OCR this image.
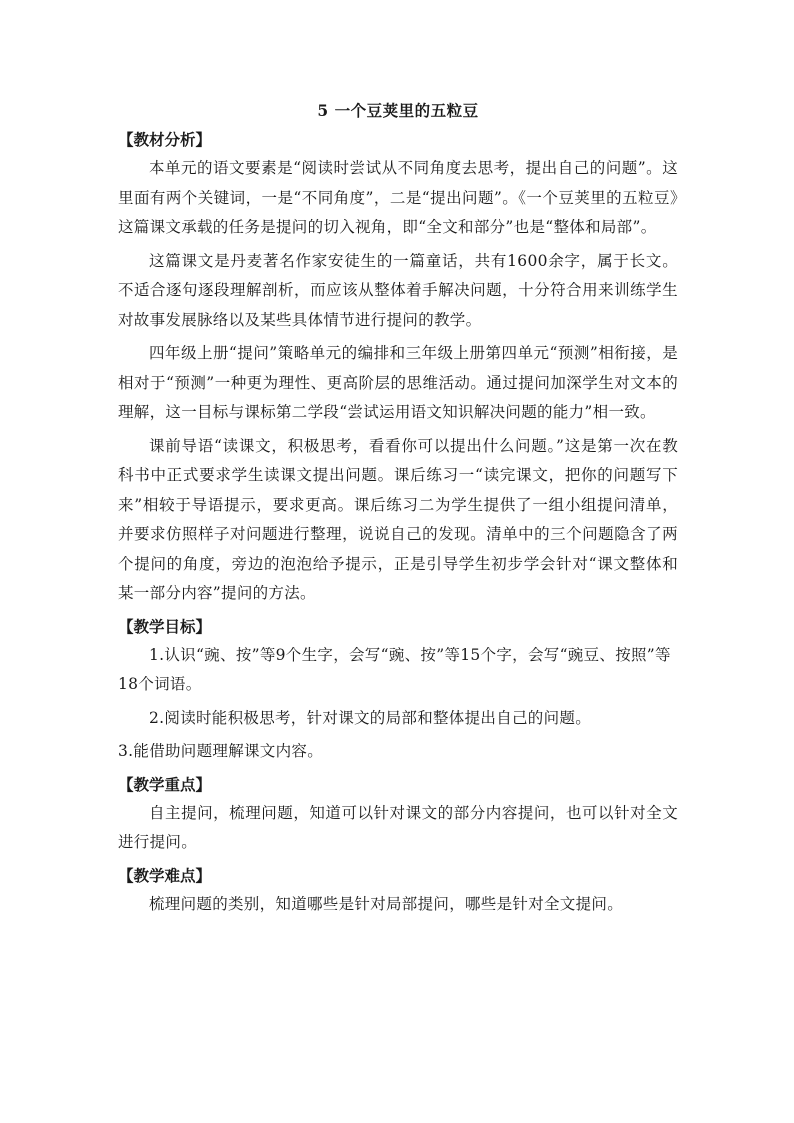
5 一个豆荚里的五粒豆
【教材分析】

本单元的语文要素是“阅读时尝试从不同角度去思考，提出自己的问题”。这里面有两个关键词，一是“不同角度”，二是“提出问题”。《一个豆荚里的五粒豆》这篇课文承载的任务是提问的切入视角，即“全文和部分”也是“整体和局部”。

这篇课文是丹麦著名作家安徒生的一篇童话，共有1600余字，属于长文。不适合逐句逐段理解剖析，而应该从整体着手解决问题，十分符合用来训练学生对故事发展脉络以及某些具体情节进行提问的教学。

四年级上册“提问”策略单元的编排和三年级上册第四单元“预测”相衔接，是相对于“预测”一种更为理性、更高阶层的思维活动。通过提问加深学生对文本的理解，这一目标与课标第二学段“尝试运用语文知识解决问题的能力”相一致。

课前导语“读课文，积极思考，看看你可以提出什么问题。”这是第一次在教科书中正式要求学生读课文提出问题。课后练习一“读完课文，把你的问题写下来”相较于导语提示，要求更高。课后练习二为学生提供了一组小组提问清单，并要求仿照样子对问题进行整理，说说自己的发现。清单中的三个问题隐含了两个提问的角度，旁边的泡泡给予提示，正是引导学生初步学会针对“课文整体和某一部分内容”提问的方法。

【教学目标】

1.认识“豌、按”等9个生字，会写“豌、按”等15个字，会写“豌豆、按照”等18个词语。

2.阅读时能积极思考，针对课文的局部和整体提出自己的问题。

3.能借助问题理解课文内容。

【教学重点】

自主提问，梳理问题，知道可以针对课文的部分内容提问，也可以针对全文进行提问。

【教学难点】

梳理问题的类别，知道哪些是针对局部提问，哪些是针对全文提问。
